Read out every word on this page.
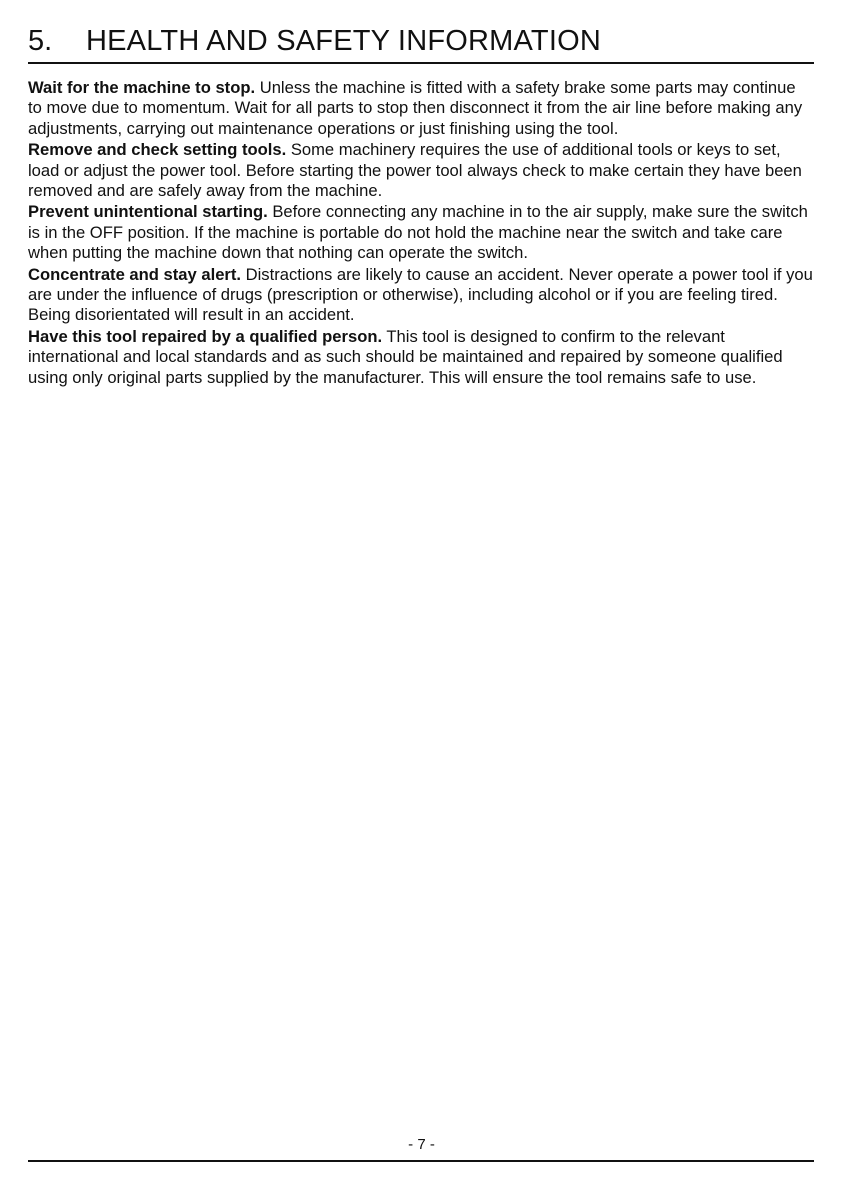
5. HEALTH AND SAFETY INFORMATION

Wait for the machine to stop. Unless the machine is fitted with a safety brake some parts may continue to move due to momentum. Wait for all parts to stop then disconnect it from the air line before making any adjustments, carrying out maintenance operations or just finishing using the tool.

Remove and check setting tools. Some machinery requires the use of additional tools or keys to set, load or adjust the power tool. Before starting the power tool always check to make certain they have been removed and are safely away from the machine.

Prevent unintentional starting. Before connecting any machine in to the air supply, make sure the switch is in the OFF position. If the machine is portable do not hold the machine near the switch and take care when putting the machine down that nothing can operate the switch.

Concentrate and stay alert. Distractions are likely to cause an accident. Never operate a power tool if you are under the influence of drugs (prescription or otherwise), including alcohol or if you are feeling tired. Being disorientated will result in an accident.

Have this tool repaired by a qualified person. This tool is designed to confirm to the relevant international and local standards and as such should be maintained and repaired by someone qualified using only original parts supplied by the manufacturer. This will ensure the tool remains safe to use.

- 7 -
